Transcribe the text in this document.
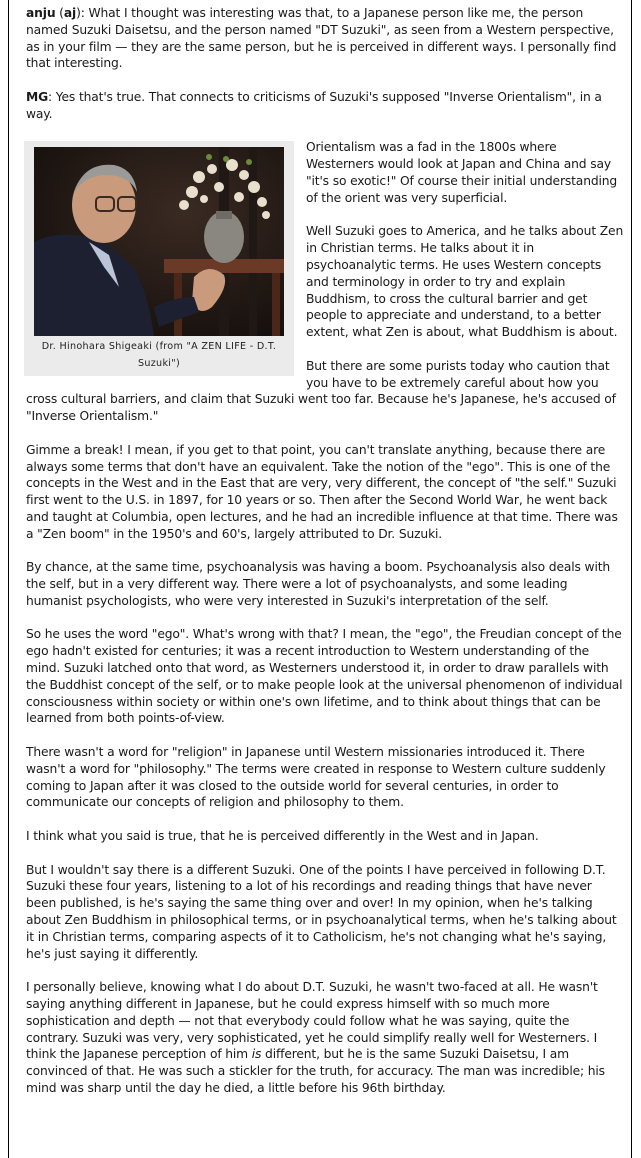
anju (aj): What I thought was interesting was that, to a Japanese person like me, the person named Suzuki Daisetsu, and the person named "DT Suzuki", as seen from a Western perspective, as in your film — they are the same person, but he is perceived in different ways. I personally find that interesting.

MG: Yes that's true. That connects to criticisms of Suzuki's supposed "Inverse Orientalism", in a way.

Dr. Hinohara Shigeaki (from "A ZEN LIFE - D.T. Suzuki")

Orientalism was a fad in the 1800s where Westerners would look at Japan and China and say "it's so exotic!" Of course their initial understanding of the orient was very superficial.

Well Suzuki goes to America, and he talks about Zen in Christian terms. He talks about it in psychoanalytic terms. He uses Western concepts and terminology in order to try and explain Buddhism, to cross the cultural barrier and get people to appreciate and understand, to a better extent, what Zen is about, what Buddhism is about.

But there are some purists today who caution that you have to be extremely careful about how you cross cultural barriers, and claim that Suzuki went too far. Because he's Japanese, he's accused of "Inverse Orientalism."

Gimme a break! I mean, if you get to that point, you can't translate anything, because there are always some terms that don't have an equivalent. Take the notion of the "ego". This is one of the concepts in the West and in the East that are very, very different, the concept of "the self." Suzuki first went to the U.S. in 1897, for 10 years or so. Then after the Second World War, he went back and taught at Columbia, open lectures, and he had an incredible influence at that time. There was a "Zen boom" in the 1950's and 60's, largely attributed to Dr. Suzuki.

By chance, at the same time, psychoanalysis was having a boom. Psychoanalysis also deals with the self, but in a very different way. There were a lot of psychoanalysts, and some leading humanist psychologists, who were very interested in Suzuki's interpretation of the self.

So he uses the word "ego". What's wrong with that? I mean, the "ego", the Freudian concept of the ego hadn't existed for centuries; it was a recent introduction to Western understanding of the mind. Suzuki latched onto that word, as Westerners understood it, in order to draw parallels with the Buddhist concept of the self, or to make people look at the universal phenomenon of individual consciousness within society or within one's own lifetime, and to think about things that can be learned from both points-of-view.

There wasn't a word for "religion" in Japanese until Western missionaries introduced it. There wasn't a word for "philosophy." The terms were created in response to Western culture suddenly coming to Japan after it was closed to the outside world for several centuries, in order to communicate our concepts of religion and philosophy to them.

I think what you said is true, that he is perceived differently in the West and in Japan.

But I wouldn't say there is a different Suzuki. One of the points I have perceived in following D.T. Suzuki these four years, listening to a lot of his recordings and reading things that have never been published, is he's saying the same thing over and over! In my opinion, when he's talking about Zen Buddhism in philosophical terms, or in psychoanalytical terms, when he's talking about it in Christian terms, comparing aspects of it to Catholicism, he's not changing what he's saying, he's just saying it differently.

I personally believe, knowing what I do about D.T. Suzuki, he wasn't two-faced at all. He wasn't saying anything different in Japanese, but he could express himself with so much more sophistication and depth — not that everybody could follow what he was saying, quite the contrary. Suzuki was very, very sophisticated, yet he could simplify really well for Westerners. I think the Japanese perception of him is different, but he is the same Suzuki Daisetsu, I am convinced of that. He was such a stickler for the truth, for accuracy. The man was incredible; his mind was sharp until the day he died, a little before his 96th birthday.
